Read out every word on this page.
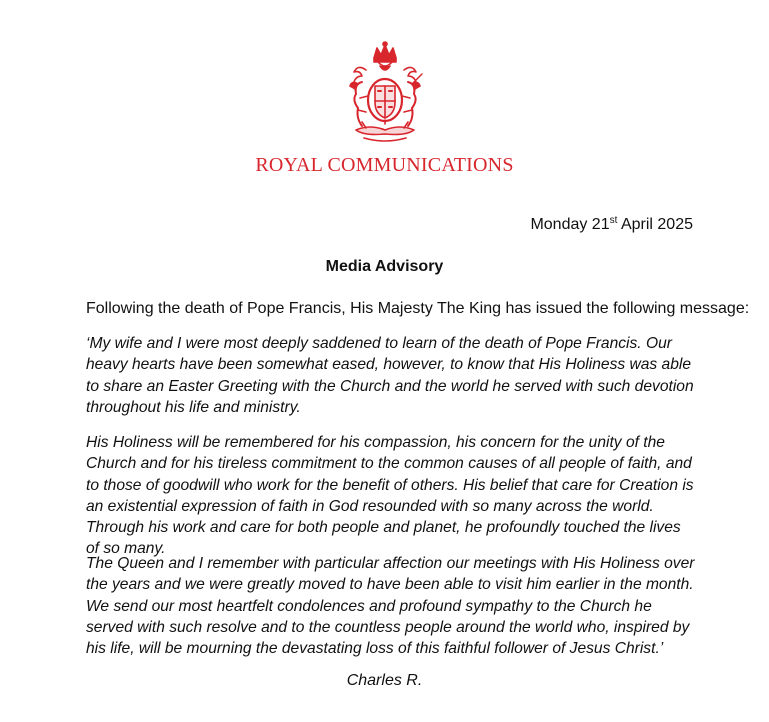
ROYAL COMMUNICATIONS
Monday 21st April 2025
Media Advisory
Following the death of Pope Francis, His Majesty The King has issued the following message:
‘My wife and I were most deeply saddened to learn of the death of Pope Francis. Our heavy hearts have been somewhat eased, however, to know that His Holiness was able to share an Easter Greeting with the Church and the world he served with such devotion throughout his life and ministry.
His Holiness will be remembered for his compassion, his concern for the unity of the Church and for his tireless commitment to the common causes of all people of faith, and to those of goodwill who work for the benefit of others. His belief that care for Creation is an existential expression of faith in God resounded with so many across the world. Through his work and care for both people and planet, he profoundly touched the lives of so many.
The Queen and I remember with particular affection our meetings with His Holiness over the years and we were greatly moved to have been able to visit him earlier in the month. We send our most heartfelt condolences and profound sympathy to the Church he served with such resolve and to the countless people around the world who, inspired by his life, will be mourning the devastating loss of this faithful follower of Jesus Christ.’
Charles R.
